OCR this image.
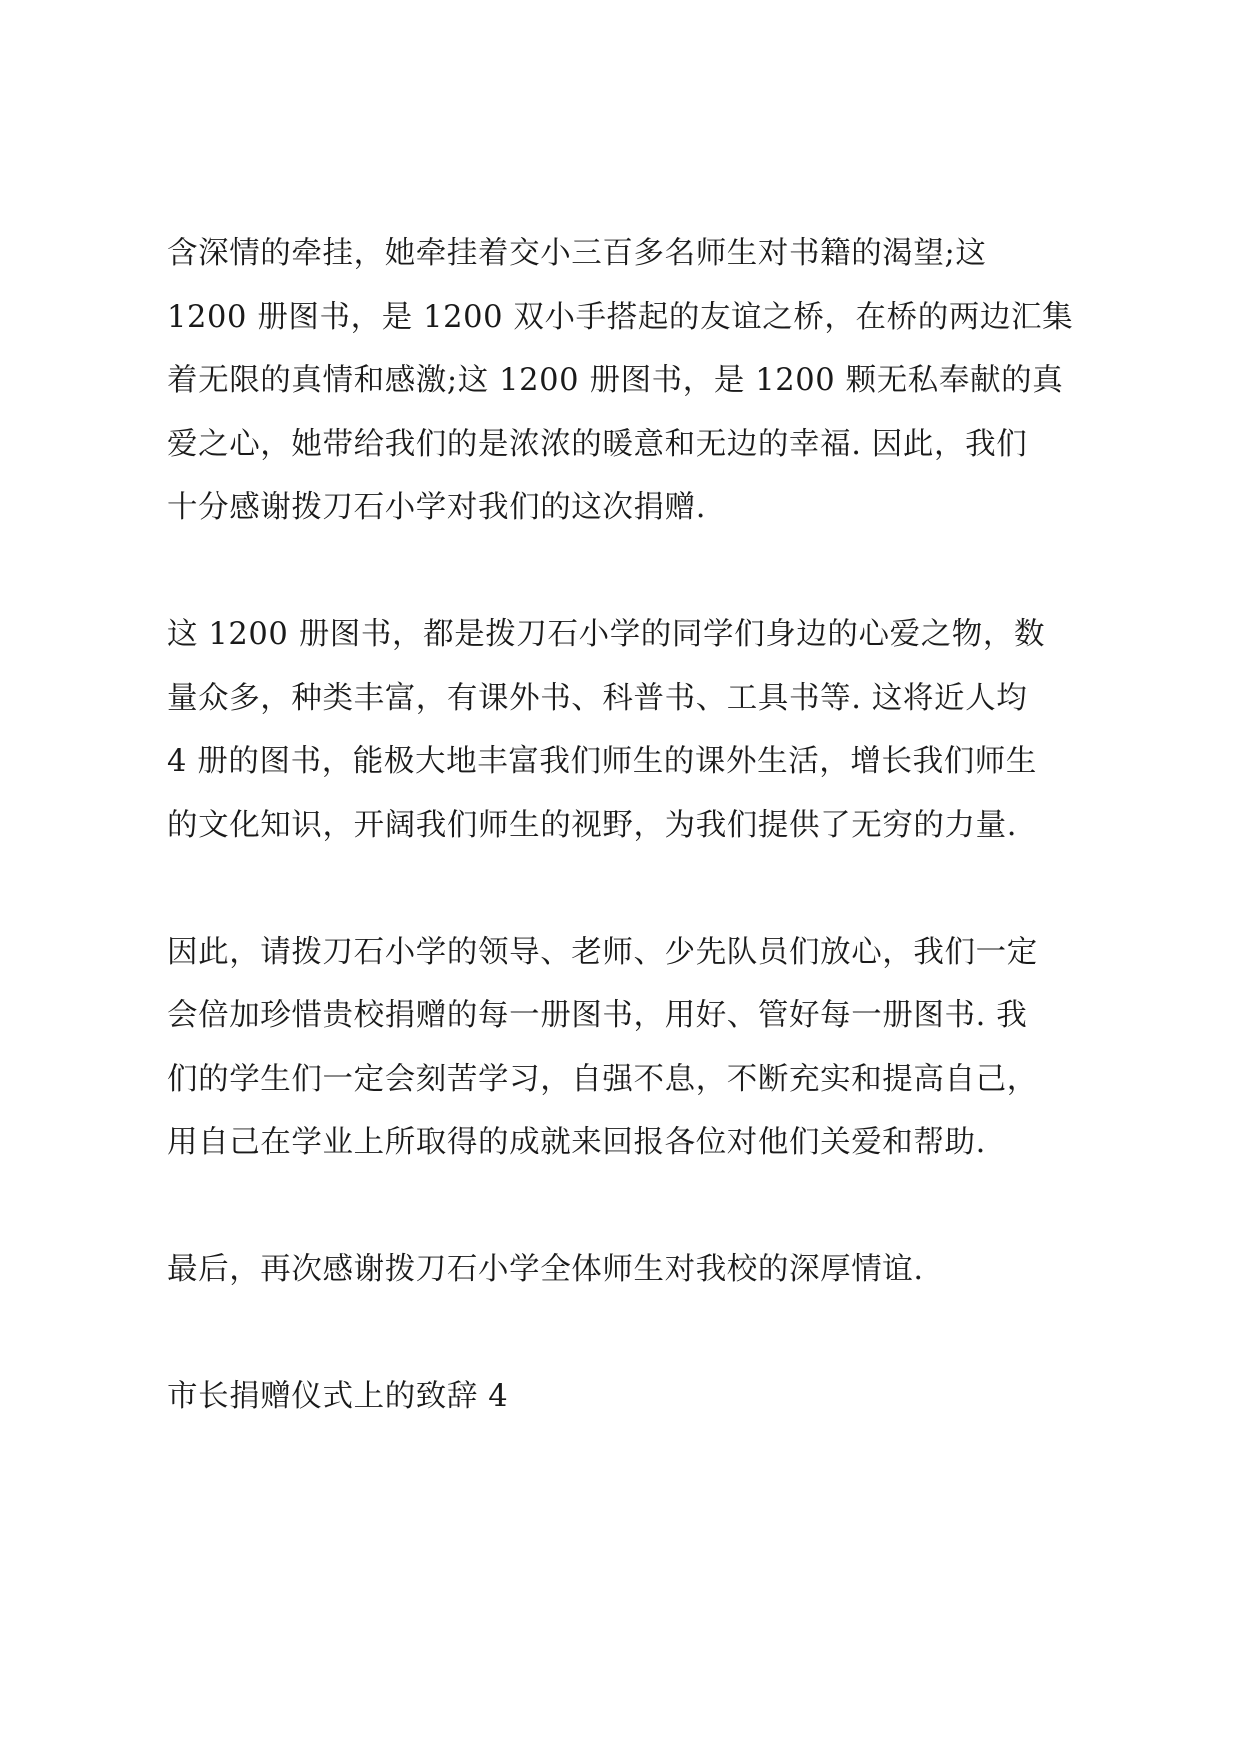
含深情的牵挂，她牵挂着交小三百多名师生对书籍的渴望;这
1200 册图书，是 1200 双小手搭起的友谊之桥，在桥的两边汇集
着无限的真情和感激;这 1200 册图书，是 1200 颗无私奉献的真
爱之心，她带给我们的是浓浓的暖意和无边的幸福. 因此，我们
十分感谢拨刀石小学对我们的这次捐赠.
这 1200 册图书，都是拨刀石小学的同学们身边的心爱之物，数
量众多，种类丰富，有课外书、科普书、工具书等. 这将近人均
4 册的图书，能极大地丰富我们师生的课外生活，增长我们师生
的文化知识，开阔我们师生的视野，为我们提供了无穷的力量.
因此，请拨刀石小学的领导、老师、少先队员们放心，我们一定
会倍加珍惜贵校捐赠的每一册图书，用好、管好每一册图书. 我
们的学生们一定会刻苦学习，自强不息，不断充实和提高自己，
用自己在学业上所取得的成就来回报各位对他们关爱和帮助.
最后，再次感谢拨刀石小学全体师生对我校的深厚情谊.
市长捐赠仪式上的致辞 4
